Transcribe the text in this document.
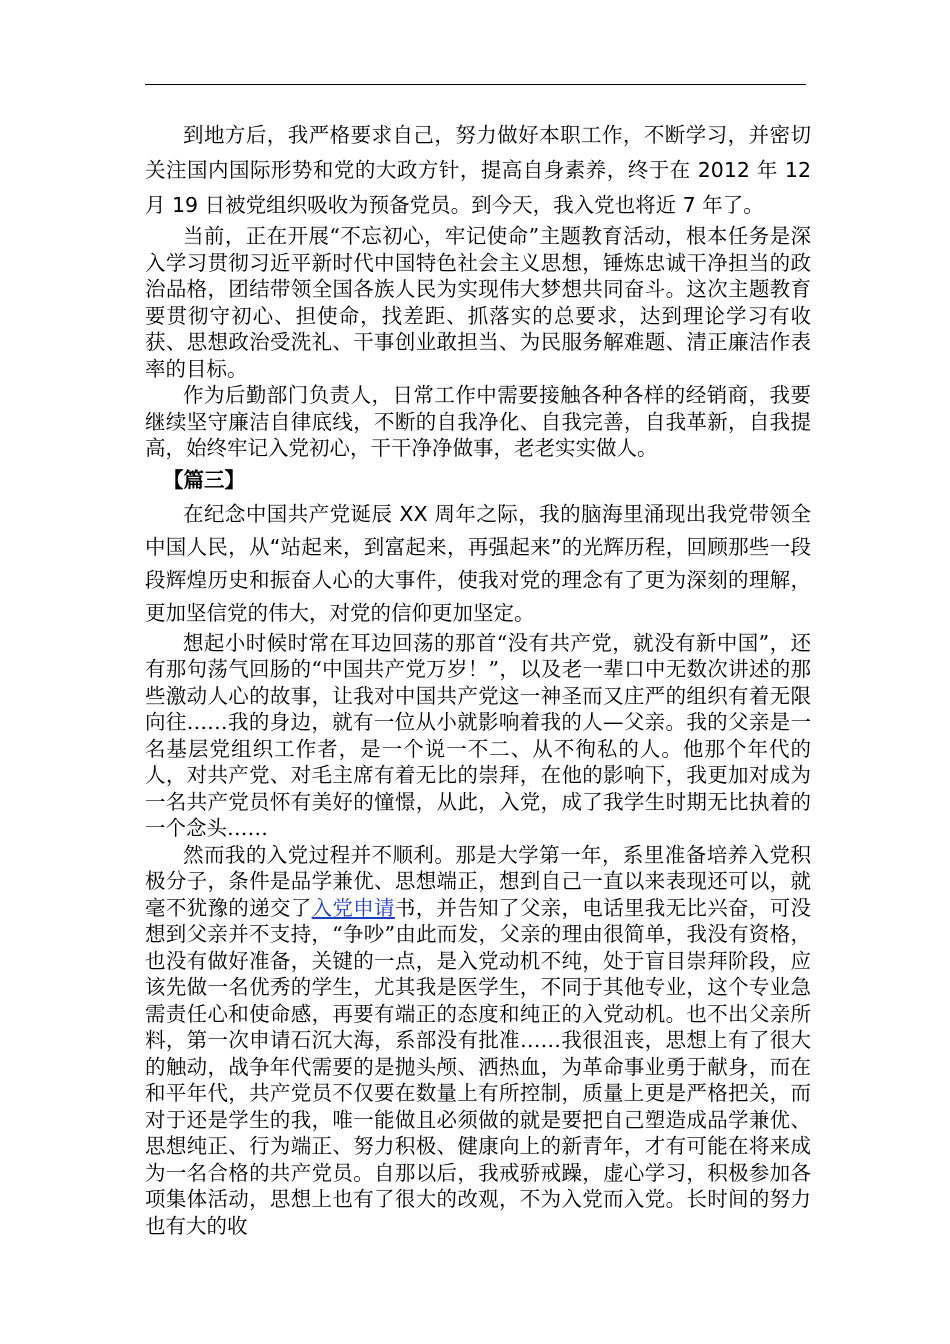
到地方后，我严格要求自己，努力做好本职工作，不断学习，并密切关注国内国际形势和党的大政方针，提高自身素养，终于在 2012 年 12 月 19 日被党组织吸收为预备党员。到今天，我入党也将近 7 年了。

当前，正在开展“不忘初心，牢记使命”主题教育活动，根本任务是深入学习贯彻习近平新时代中国特色社会主义思想，锤炼忠诚干净担当的政治品格，团结带领全国各族人民为实现伟大梦想共同奋斗。这次主题教育要贯彻守初心、担使命，找差距、抓落实的总要求，达到理论学习有收获、思想政治受洗礼、干事创业敢担当、为民服务解难题、清正廉洁作表率的目标。

作为后勤部门负责人，日常工作中需要接触各种各样的经销商，我要继续坚守廉洁自律底线，不断的自我净化、自我完善，自我革新，自我提高，始终牢记入党初心，干干净净做事，老老实实做人。

【篇三】

在纪念中国共产党诞辰 XX 周年之际，我的脑海里涌现出我党带领全中国人民，从“站起来，到富起来，再强起来”的光辉历程，回顾那些一段段辉煌历史和振奋人心的大事件，使我对党的理念有了更为深刻的理解，更加坚信党的伟大，对党的信仰更加坚定。

想起小时候时常在耳边回荡的那首“没有共产党，就没有新中国”，还有那句荡气回肠的“中国共产党万岁！”，以及老一辈口中无数次讲述的那些激动人心的故事，让我对中国共产党这一神圣而又庄严的组织有着无限向往……我的身边，就有一位从小就影响着我的人—父亲。我的父亲是一名基层党组织工作者，是一个说一不二、从不徇私的人。他那个年代的人，对共产党、对毛主席有着无比的崇拜，在他的影响下，我更加对成为一名共产党员怀有美好的憧憬，从此，入党，成了我学生时期无比执着的一个念头……

然而我的入党过程并不顺利。那是大学第一年，系里准备培养入党积极分子，条件是品学兼优、思想端正，想到自己一直以来表现还可以，就毫不犹豫的递交了入党申请书，并告知了父亲，电话里我无比兴奋，可没想到父亲并不支持，“争吵”由此而发，父亲的理由很简单，我没有资格，也没有做好准备，关键的一点，是入党动机不纯，处于盲目崇拜阶段，应该先做一名优秀的学生，尤其我是医学生，不同于其他专业，这个专业急需责任心和使命感，再要有端正的态度和纯正的入党动机。也不出父亲所料，第一次申请石沉大海，系部没有批准……我很沮丧，思想上有了很大的触动，战争年代需要的是抛头颅、洒热血，为革命事业勇于献身，而在和平年代，共产党员不仅要在数量上有所控制，质量上更是严格把关，而对于还是学生的我，唯一能做且必须做的就是要把自己塑造成品学兼优、思想纯正、行为端正、努力积极、健康向上的新青年，才有可能在将来成为一名合格的共产党员。自那以后，我戒骄戒躁，虚心学习，积极参加各项集体活动，思想上也有了很大的改观，不为入党而入党。长时间的努力也有大的收
